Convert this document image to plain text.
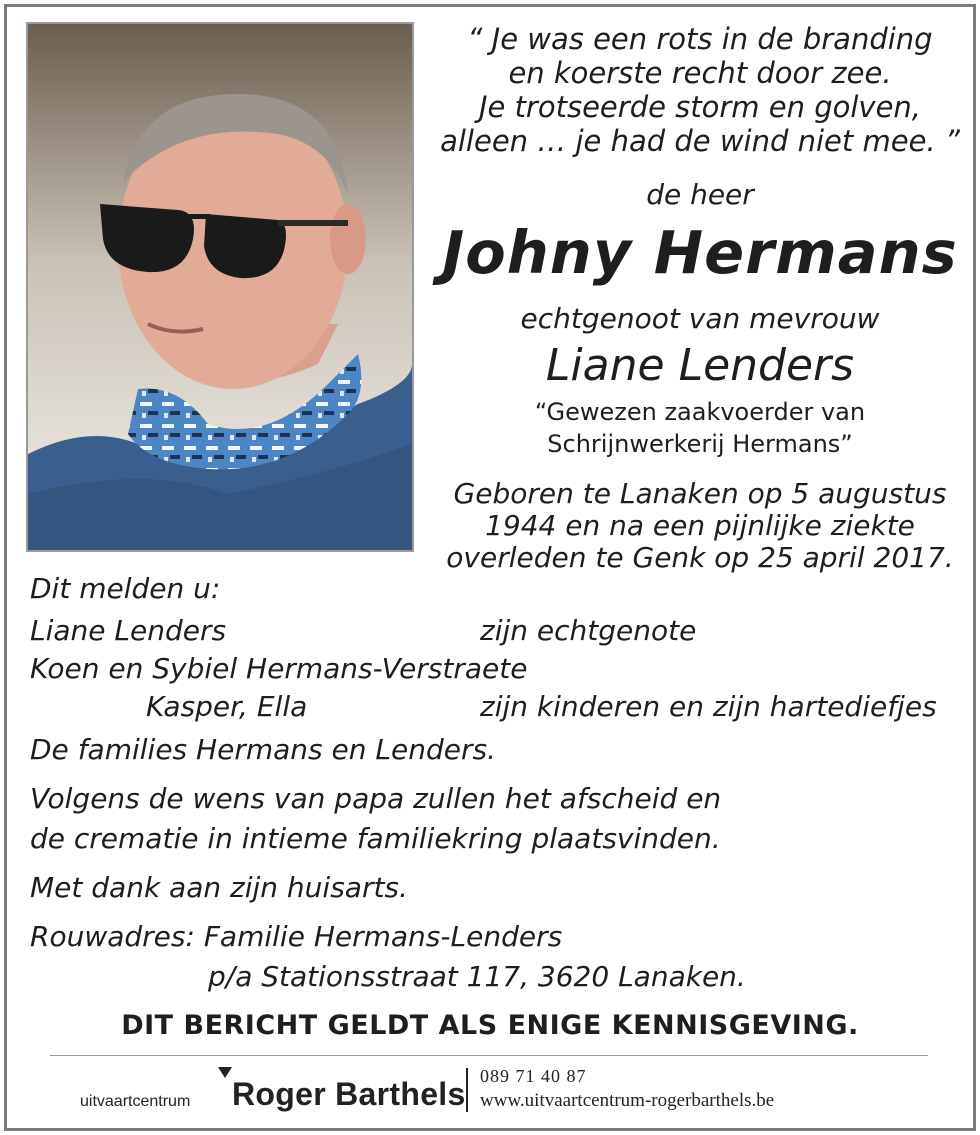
“ Je was een rots in de branding
en koerste recht door zee.
Je trotseerde storm en golven,
alleen … je had de wind niet mee. ”
de heer
Johny Hermans
echtgenoot van mevrouw
Liane Lenders
“Gewezen zaakvoerder van
Schrijnwerkerij Hermans”
Geboren te Lanaken op 5 augustus
1944 en na een pijnlijke ziekte
overleden te Genk op 25 april 2017.
Dit melden u:
Liane Lenders	zijn echtgenote
Koen en Sybiel Hermans-Verstraete
Kasper, Ella	zijn kinderen en zijn hartediefjes
De families Hermans en Lenders.
Volgens de wens van papa zullen het afscheid en
de crematie in intieme familiekring plaatsvinden.
Met dank aan zijn huisarts.
Rouwadres: Familie Hermans-Lenders
p/a Stationsstraat 117, 3620 Lanaken.
DIT BERICHT GELDT ALS ENIGE KENNISGEVING.
uitvaartcentrum Roger Barthels 089 71 40 87
www.uitvaartcentrum-rogerbarthels.be
